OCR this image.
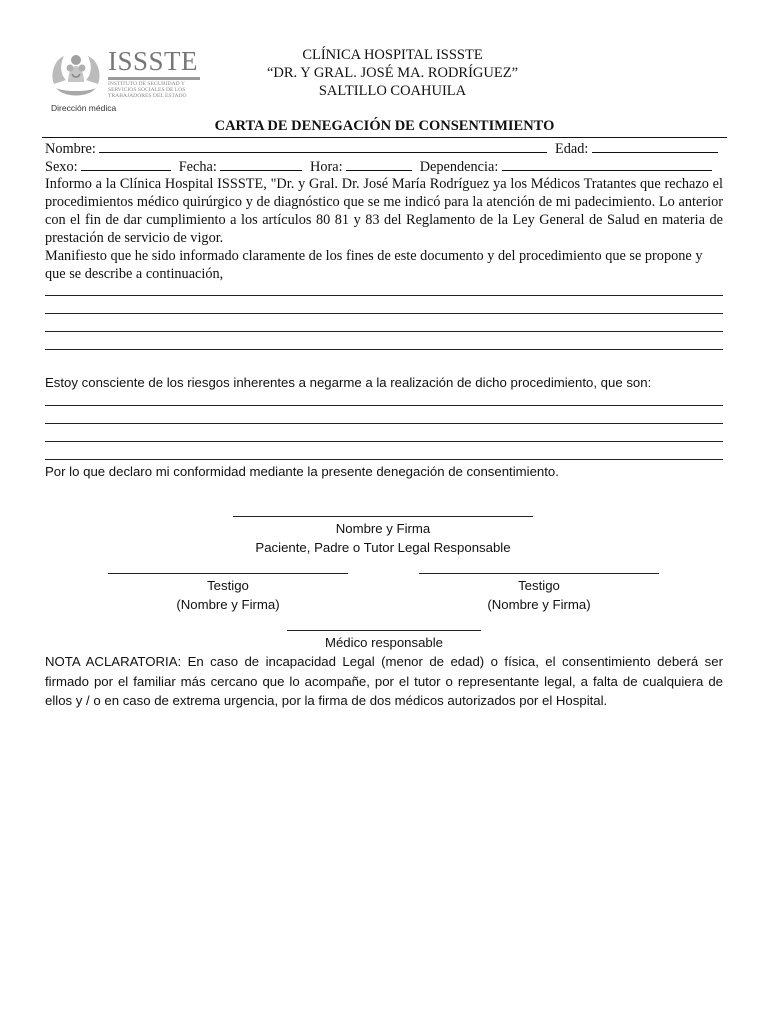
ISSSTE
INSTITUTO DE SEGURIDAD Y SERVICIOS SOCIALES DE LOS TRABAJADORES DEL ESTADO
Dirección médica
CLÍNICA HOSPITAL ISSSTE
“DR. Y GRAL. JOSÉ MA. RODRÍGUEZ”
SALTILLO COAHUILA
CARTA DE DENEGACIÓN DE CONSENTIMIENTO
Nombre:	Edad:
Sexo:	Fecha:	Hora:	Dependencia:

Informo a la Clínica Hospital ISSSTE, "Dr. y Gral. Dr. José María Rodríguez ya los Médicos Tratantes que rechazo el procedimientos médico quirúrgico y de diagnóstico que se me indicó para la atención de mi padecimiento. Lo anterior con el fin de dar cumplimiento a los artículos 80 81 y 83 del Reglamento de la Ley General de Salud en materia de prestación de servicio de vigor.

Manifiesto que he sido informado claramente de los fines de este documento y del procedimiento que se propone y que se describe a continuación,

Estoy consciente de los riesgos inherentes a negarme a la realización de dicho procedimiento, que son:
Por lo que declaro mi conformidad mediante la presente denegación de consentimiento.
Nombre y Firma
Paciente, Padre o Tutor Legal Responsable
Testigo
(Nombre y Firma)
Testigo
(Nombre y Firma)
Médico responsable
NOTA ACLARATORIA: En caso de incapacidad Legal (menor de edad) o física, el consentimiento deberá ser firmado por el familiar más cercano que lo acompañe, por el tutor o representante legal, a falta de cualquiera de ellos y / o en caso de extrema urgencia, por la firma de dos médicos autorizados por el Hospital.
